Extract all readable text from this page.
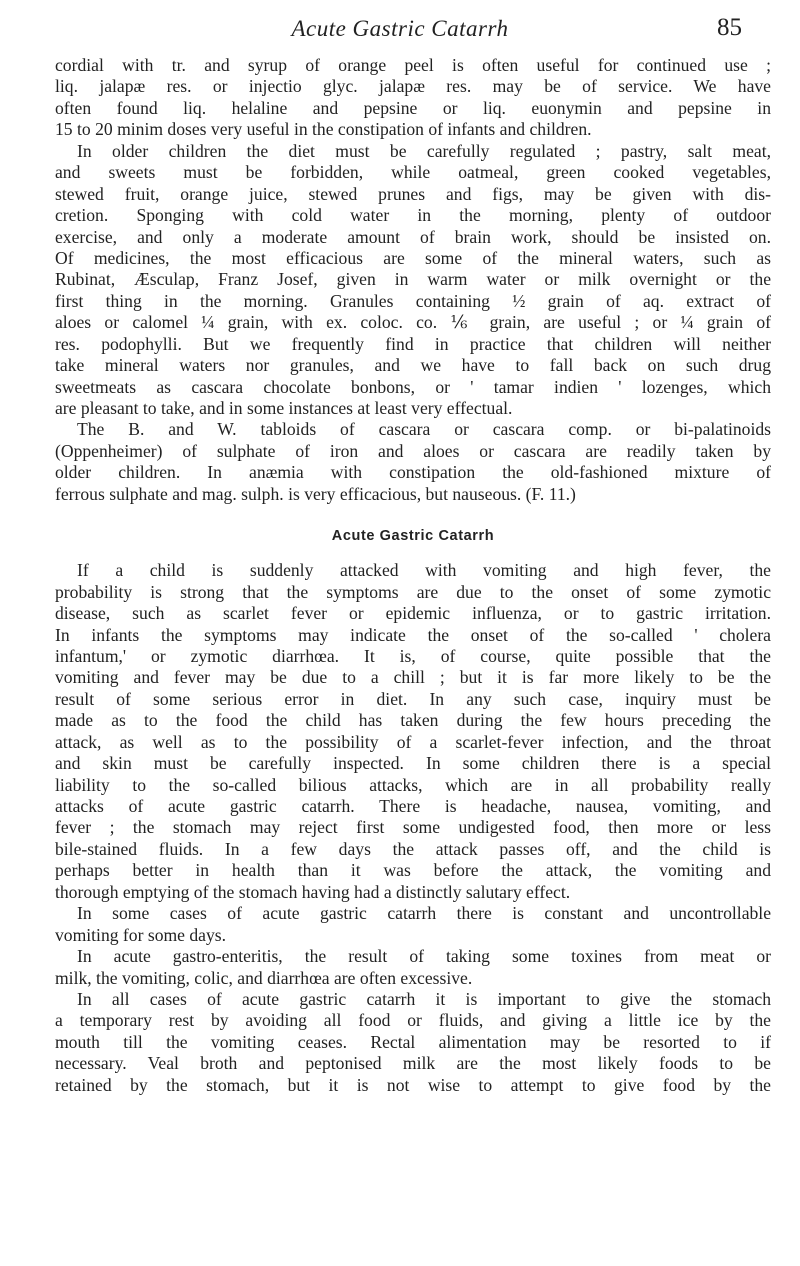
Acute Gastric Catarrh	85
cordial with tr. and syrup of orange peel is often useful for continued use ;
liq. jalapæ res. or injectio glyc. jalapæ res. may be of service. We have
often found liq. helaline and pepsine or liq. euonymin and pepsine in
15 to 20 minim doses very useful in the constipation of infants and children.
In older children the diet must be carefully regulated ; pastry, salt meat,
and sweets must be forbidden, while oatmeal, green cooked vegetables,
stewed fruit, orange juice, stewed prunes and figs, may be given with dis-
cretion. Sponging with cold water in the morning, plenty of outdoor
exercise, and only a moderate amount of brain work, should be insisted on.
Of medicines, the most efficacious are some of the mineral waters, such as
Rubinat, Æsculap, Franz Josef, given in warm water or milk overnight or the
first thing in the morning. Granules containing ½ grain of aq. extract of
aloes or calomel ¼ grain, with ex. coloc. co. ⅙ grain, are useful ; or ¼ grain of
res. podophylli. But we frequently find in practice that children will neither
take mineral waters nor granules, and we have to fall back on such drug
sweetmeats as cascara chocolate bonbons, or ' tamar indien ' lozenges, which
are pleasant to take, and in some instances at least very effectual.
The B. and W. tabloids of cascara or cascara comp. or bi-palatinoids
(Oppenheimer) of sulphate of iron and aloes or cascara are readily taken by
older children. In anæmia with constipation the old-fashioned mixture of
ferrous sulphate and mag. sulph. is very efficacious, but nauseous. (F. 11.)
Acute Gastric Catarrh
If a child is suddenly attacked with vomiting and high fever, the
probability is strong that the symptoms are due to the onset of some zymotic
disease, such as scarlet fever or epidemic influenza, or to gastric irritation.
In infants the symptoms may indicate the onset of the so-called ' cholera
infantum,' or zymotic diarrhœa. It is, of course, quite possible that the
vomiting and fever may be due to a chill ; but it is far more likely to be the
result of some serious error in diet. In any such case, inquiry must be
made as to the food the child has taken during the few hours preceding the
attack, as well as to the possibility of a scarlet-fever infection, and the throat
and skin must be carefully inspected. In some children there is a special
liability to the so-called bilious attacks, which are in all probability really
attacks of acute gastric catarrh. There is headache, nausea, vomiting, and
fever ; the stomach may reject first some undigested food, then more or less
bile-stained fluids. In a few days the attack passes off, and the child is
perhaps better in health than it was before the attack, the vomiting and
thorough emptying of the stomach having had a distinctly salutary effect.
In some cases of acute gastric catarrh there is constant and uncontrollable
vomiting for some days.
In acute gastro-enteritis, the result of taking some toxines from meat or
milk, the vomiting, colic, and diarrhœa are often excessive.
In all cases of acute gastric catarrh it is important to give the stomach
a temporary rest by avoiding all food or fluids, and giving a little ice by the
mouth till the vomiting ceases. Rectal alimentation may be resorted to if
necessary. Veal broth and peptonised milk are the most likely foods to be
retained by the stomach, but it is not wise to attempt to give food by the
